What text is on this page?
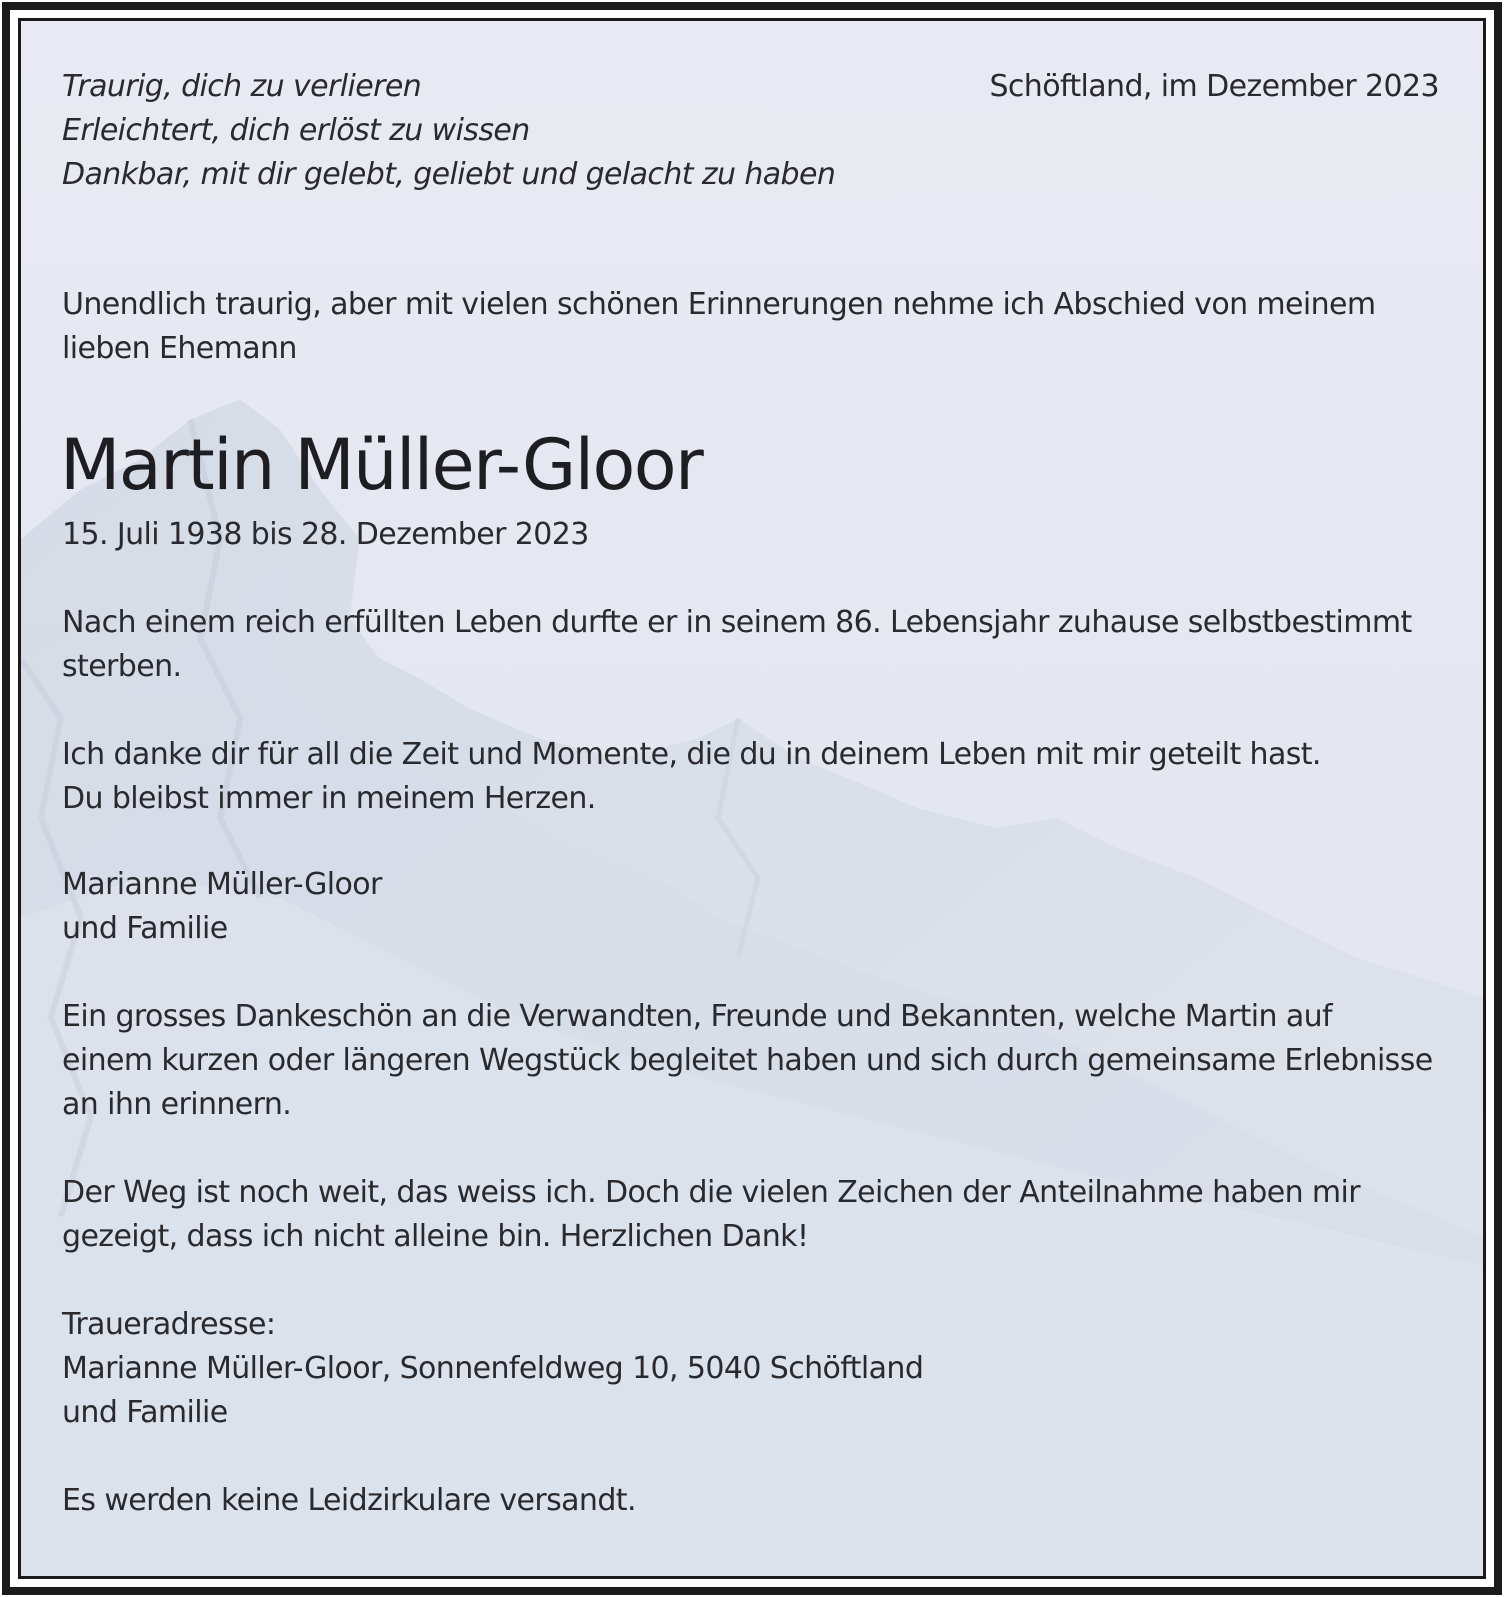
Traurig, dich zu verlieren
Erleichtert, dich erlöst zu wissen
Dankbar, mit dir gelebt, geliebt und gelacht zu haben
Schöftland, im Dezember 2023
Unendlich traurig, aber mit vielen schönen Erinnerungen nehme ich Abschied von meinem
lieben Ehemann
Martin Müller-Gloor
15. Juli 1938 bis 28. Dezember 2023
Nach einem reich erfüllten Leben durfte er in seinem 86. Lebensjahr zuhause selbstbestimmt
sterben.
Ich danke dir für all die Zeit und Momente, die du in deinem Leben mit mir geteilt hast.
Du bleibst immer in meinem Herzen.
Marianne Müller-Gloor
und Familie
Ein grosses Dankeschön an die Verwandten, Freunde und Bekannten, welche Martin auf
einem kurzen oder längeren Wegstück begleitet haben und sich durch gemeinsame Erlebnisse
an ihn erinnern.
Der Weg ist noch weit, das weiss ich. Doch die vielen Zeichen der Anteilnahme haben mir
gezeigt, dass ich nicht alleine bin. Herzlichen Dank!
Traueradresse:
Marianne Müller-Gloor, Sonnenfeldweg 10, 5040 Schöftland
und Familie
Es werden keine Leidzirkulare versandt.
